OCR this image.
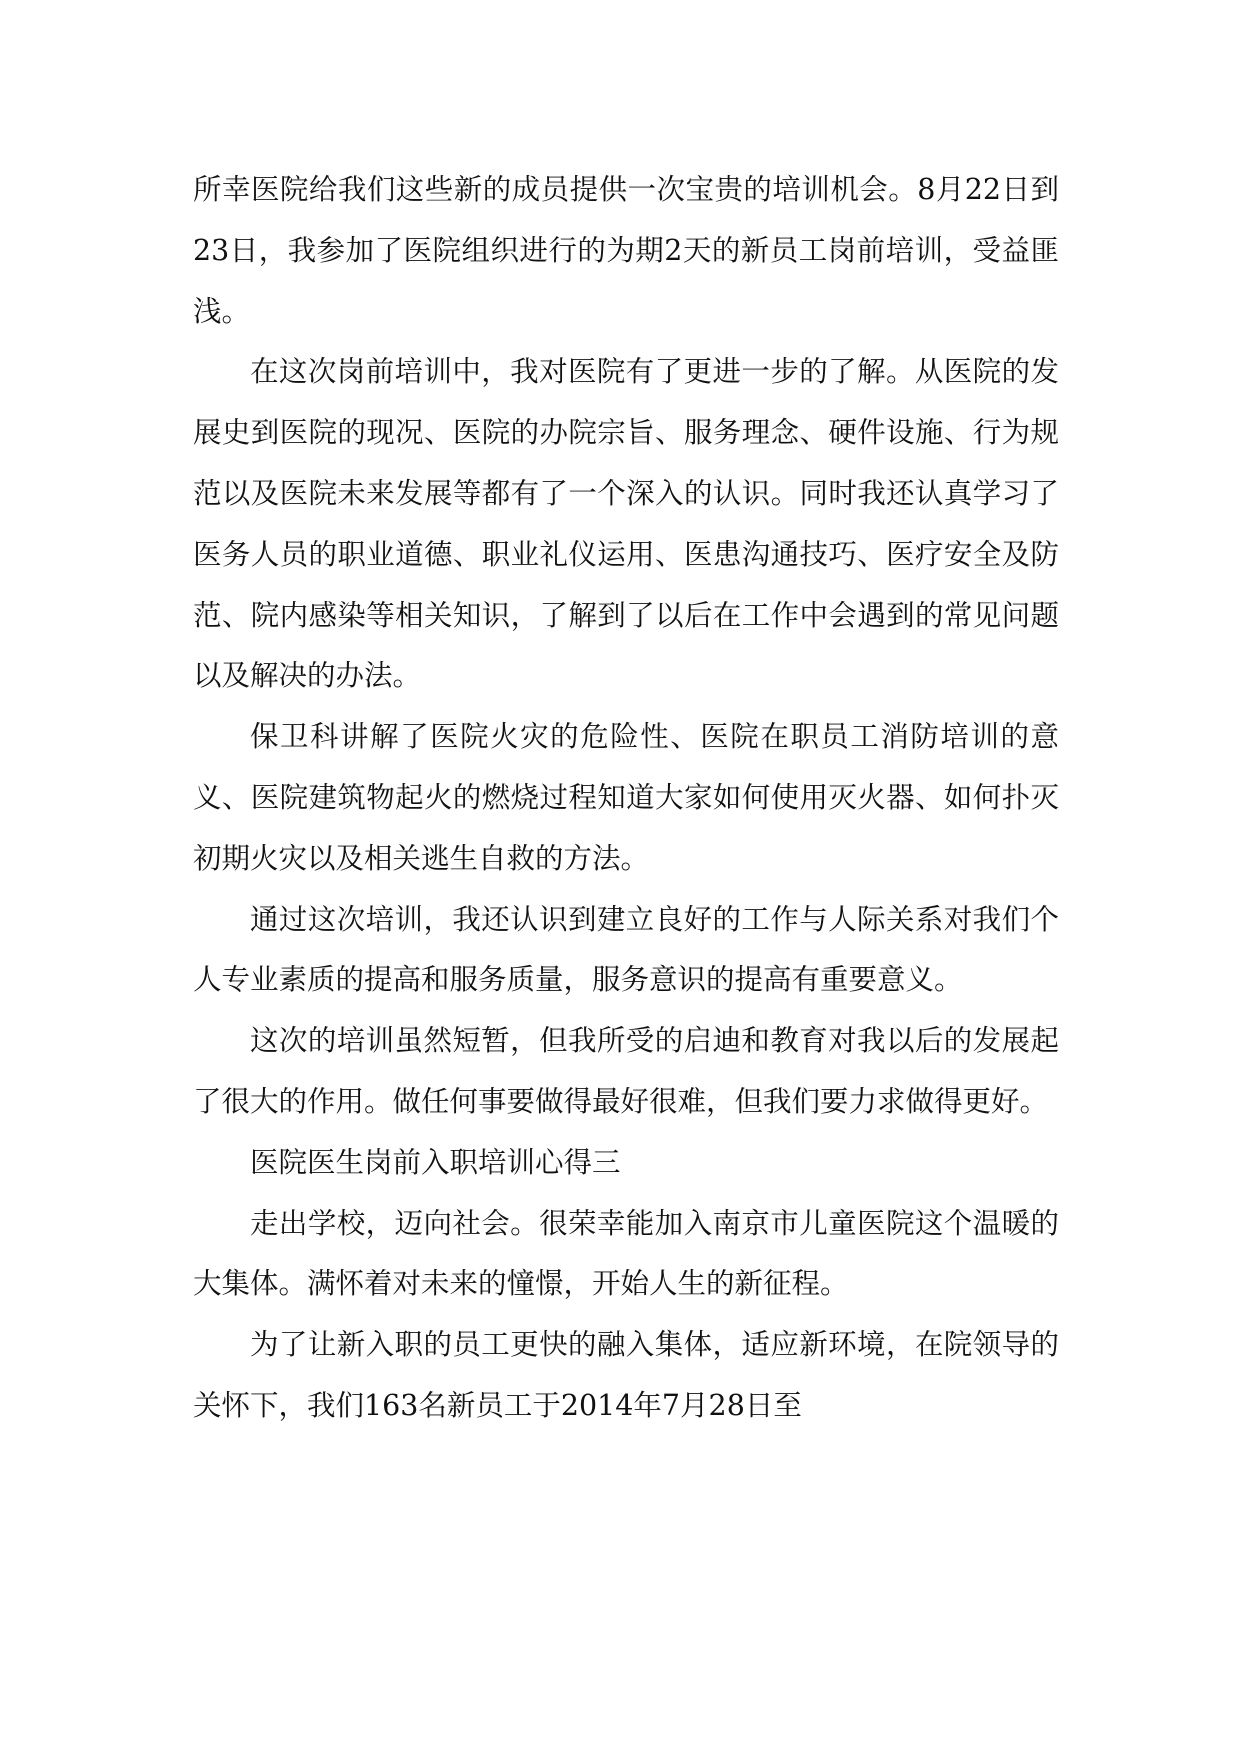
所幸医院给我们这些新的成员提供一次宝贵的培训机会。8月22日到23日，我参加了医院组织进行的为期2天的新员工岗前培训，受益匪浅。

在这次岗前培训中，我对医院有了更进一步的了解。从医院的发展史到医院的现况、医院的办院宗旨、服务理念、硬件设施、行为规范以及医院未来发展等都有了一个深入的认识。同时我还认真学习了医务人员的职业道德、职业礼仪运用、医患沟通技巧、医疗安全及防范、院内感染等相关知识，了解到了以后在工作中会遇到的常见问题以及解决的办法。

保卫科讲解了医院火灾的危险性、医院在职员工消防培训的意义、医院建筑物起火的燃烧过程知道大家如何使用灭火器、如何扑灭初期火灾以及相关逃生自救的方法。

通过这次培训，我还认识到建立良好的工作与人际关系对我们个人专业素质的提高和服务质量，服务意识的提高有重要意义。

这次的培训虽然短暂，但我所受的启迪和教育对我以后的发展起了很大的作用。做任何事要做得最好很难，但我们要力求做得更好。

医院医生岗前入职培训心得三

走出学校，迈向社会。很荣幸能加入南京市儿童医院这个温暖的大集体。满怀着对未来的憧憬，开始人生的新征程。

为了让新入职的员工更快的融入集体，适应新环境，在院领导的关怀下，我们163名新员工于2014年7月28日至
